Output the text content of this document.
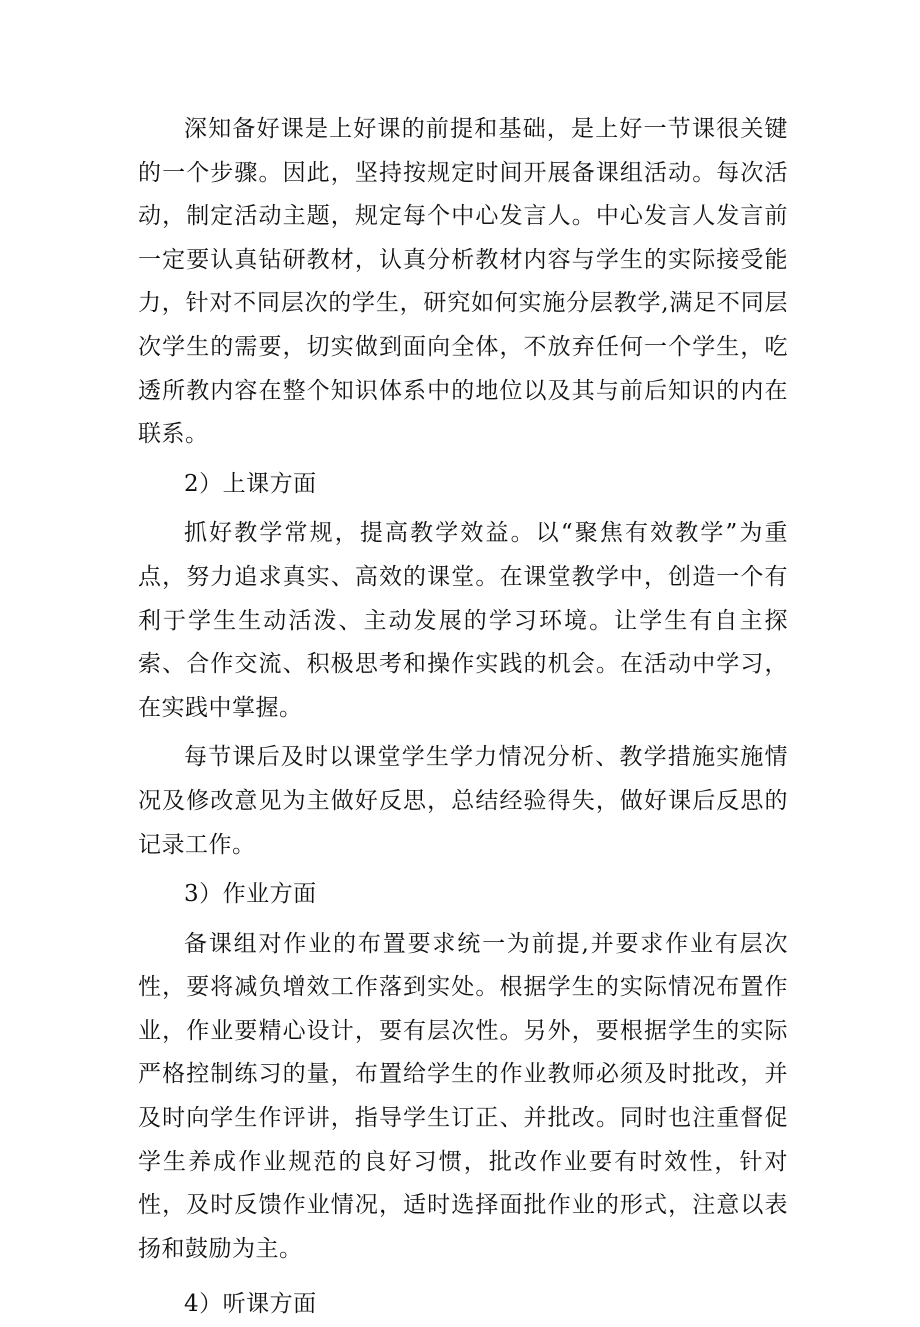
深知备好课是上好课的前提和基础，是上好一节课很关键的一个步骤。因此，坚持按规定时间开展备课组活动。每次活动，制定活动主题，规定每个中心发言人。中心发言人发言前一定要认真钻研教材，认真分析教材内容与学生的实际接受能力，针对不同层次的学生，研究如何实施分层教学,满足不同层次学生的需要，切实做到面向全体，不放弃任何一个学生，吃透所教内容在整个知识体系中的地位以及其与前后知识的内在联系。

2）上课方面

抓好教学常规，提高教学效益。以“聚焦有效教学”为重点，努力追求真实、高效的课堂。在课堂教学中，创造一个有利于学生生动活泼、主动发展的学习环境。让学生有自主探索、合作交流、积极思考和操作实践的机会。在活动中学习，在实践中掌握。

每节课后及时以课堂学生学力情况分析、教学措施实施情况及修改意见为主做好反思，总结经验得失，做好课后反思的记录工作。

3）作业方面

备课组对作业的布置要求统一为前提,并要求作业有层次性，要将减负增效工作落到实处。根据学生的实际情况布置作业，作业要精心设计，要有层次性。另外，要根据学生的实际严格控制练习的量，布置给学生的作业教师必须及时批改，并及时向学生作评讲，指导学生订正、并批改。同时也注重督促学生养成作业规范的良好习惯，批改作业要有时效性，针对性，及时反馈作业情况，适时选择面批作业的形式，注意以表扬和鼓励为主。

4）听课方面
